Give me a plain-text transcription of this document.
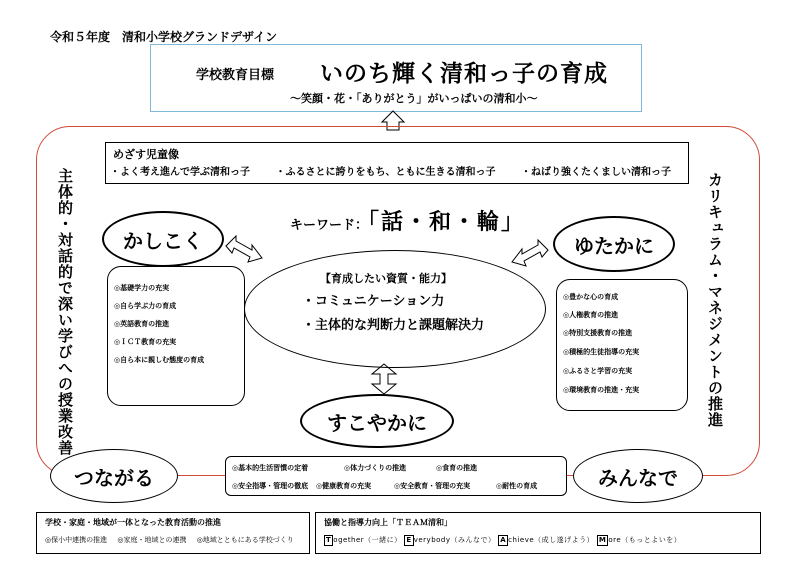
令和５年度　清和小学校グランドデザイン
学校教育目標 いのち輝く清和っ子の育成
～笑顔・花・「ありがとう」がいっぱいの清和小～
めざす児童像
・よく考え進んで学ぶ清和っ子	・ふるさとに誇りをもち、ともに生きる清和っ子	・ねばり強くたくましい清和っ子
主体的・対話的で深い学びへの授業改善	カリキュラム・マネジメントの推進
キーワード：「話・和・輪」
【育成したい資質・能力】
・コミュニケーション力
・主体的な判断力と課題解決力
◎基礎学力の充実
◎自ら学ぶ力の育成
◎英語教育の推進
◎ＩＣＴ教育の充実
◎自ら本に親しむ態度の育成
◎豊かな心の育成
◎人権教育の推進
◎特別支援教育の推進
◎積極的生徒指導の充実
◎ふるさと学習の充実
◎環境教育の推進・充実
かしこく	ゆたかに
◎基本的生活習慣の定着	◎体力づくりの推進	◎食育の推進
◎安全指導・管理の徹底 ◎健康教育の充実	◎安全教育・管理の充実	◎耐性の育成
すこやかに
つながる	みんなで
学校・家庭・地域が一体となった教育活動の推進
◎保小中連携の推進 ◎家庭・地域との連携 ◎地域とともにある学校づくり
協働と指導力向上「ＴＥＡＭ清和」
T ogether（一緒に） E verybody（みんなで） A chieve（成し遂げよう） M ore（もっとよいを）
